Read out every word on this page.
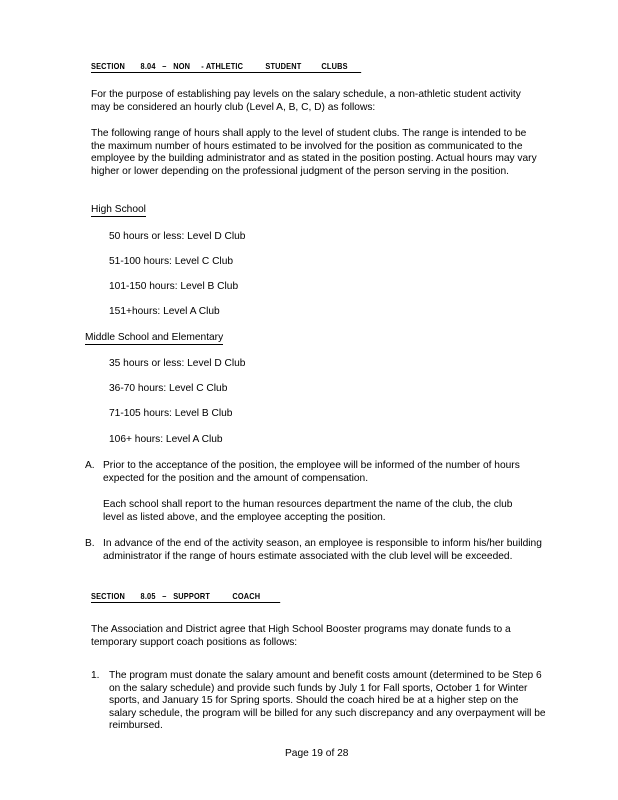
SECTION       8.04   –   NON     - ATHLETIC          STUDENT         CLUBS
For the purpose of establishing pay levels on the salary schedule, a non-athletic student activity may be considered an hourly club (Level A, B, C, D) as follows:
The following range of hours shall apply to the level of student clubs. The range is intended to be the maximum number of hours estimated to be involved for the position as communicated to the employee by the building administrator and as stated in the position posting. Actual hours may vary higher or lower depending on the professional judgment of the person serving in the position.
High School
50 hours or less: Level D Club
51-100 hours: Level C Club
101-150 hours: Level B Club
151+hours: Level A Club
Middle School and Elementary
35 hours or less: Level D Club
36-70 hours: Level C Club
71-105 hours: Level B Club
106+ hours: Level A Club
A. Prior to the acceptance of the position, the employee will be informed of the number of hours expected for the position and the amount of compensation.
Each school shall report to the human resources department the name of the club, the club level as listed above, and the employee accepting the position.
B. In advance of the end of the activity season, an employee is responsible to inform his/her building administrator if the range of hours estimate associated with the club level will be exceeded.
SECTION       8.05   –   SUPPORT          COACH
The Association and District agree that High School Booster programs may donate funds to a temporary support coach positions as follows:
1. The program must donate the salary amount and benefit costs amount (determined to be Step 6 on the salary schedule) and provide such funds by July 1 for Fall sports, October 1 for Winter sports, and January 15 for Spring sports. Should the coach hired be at a higher step on the salary schedule, the program will be billed for any such discrepancy and any overpayment will be reimbursed.
Page 19 of 28
